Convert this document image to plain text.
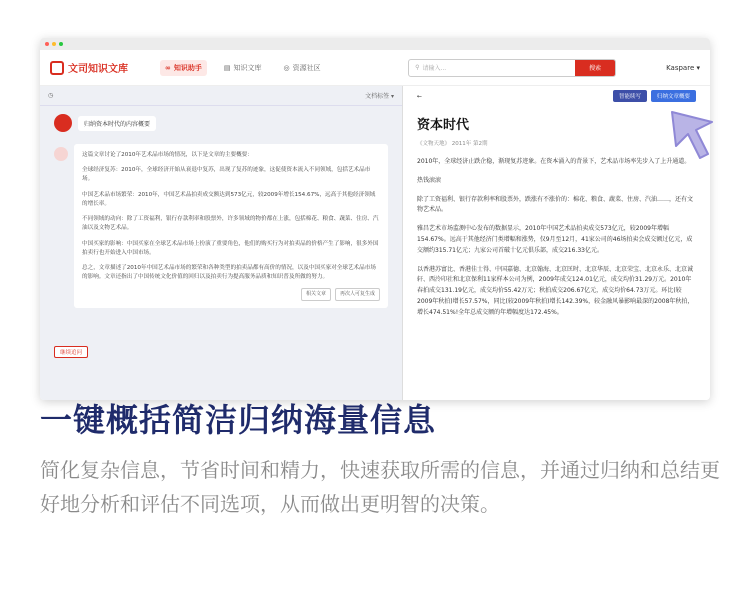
文司知识文库	∞ 知识助手	▤ 知识文库	◎ 资源社区	⚲ 请输入...	搜索	Kaspare ▾
◷	文档标签 ▾
归纳资本时代的内容概要

这篇文章讨论了2010年艺术品市场的情况，以下是文章的主要概要：

全球经济复苏：2010年，全球经济开始从衰退中复苏，出现了复苏的迹象，这促使资本流入不同领域，包括艺术品市场。

中国艺术品市场繁荣：2010年，中国艺术品拍卖成交额达到573亿元，较2009年增长154.67%，远高于其他经济领域的增长率。

不同领域的动向：除了工资福利，银行存款利率和股票外，许多领域的物价都在上涨，包括棉花、粮食、蔬菜、住房、汽油以及文物艺术品。

中国买家的影响：中国买家在全球艺术品市场上扮演了重要角色，他们的购买行为对拍卖品的价格产生了影响，很多外国拍卖行也开始进入中国市场。

总之，文章描述了2010年中国艺术品市场的繁荣和各种类型的拍卖品都有高价的情况，以及中国买家对全球艺术品市场的影响。文章还指出了中国传统文化价值的回归以及拍卖行为提高服务品质和知识普及所做的努力。

相关文章	再次人可复生成
继续追问
←	智能续写	归纳文章概要
资本时代
《文物天地》 2011年 第2期

2010年，全球经济止跌企稳，渐现复苏迹象。在资本涌入的背景下，艺术品市场率先步入了上升通道。

热钱滚滚

除了工资福利、银行存款利率和股票外，跌涨有不涨价的：棉花、粮食、蔬菜、住房、汽油……，还有文物艺术品。

雅昌艺术市场监测中心发布的数据显示，2010年中国艺术品拍卖成交573亿元，较2009年增幅154.67%。远高于其他经济门类增幅和涨势，仅9月至12月，41家公司的46场拍卖会成交额过亿元，成交额约315.71亿元；九家公司首破十亿元俱乐部，成交216.33亿元。

以香港苏富比、香港佳士得、中国嘉德、北京翰海、北京匡时、北京华辰、北京荣宝、北京永乐、北京诚轩、西泠印社和北京保利11家样本公司为例，2009年成交124.01亿元，成交均价31.29万元。2010年春拍成交131.19亿元，成交均价55.42万元；秋拍成交206.67亿元，成交均价64.73万元。环比(较2009年秋拍)增长57.57%，同比(较2009年秋拍)增长142.39%，较金融风暴影响最深的2008年秋拍，增长474.51%!全年总成交额的年增幅度达172.45%。

一键概括简洁归纳海量信息
简化复杂信息，节省时间和精力，快速获取所需的信息，并通过归纳和总结更好地分析和评估不同选项，从而做出更明智的决策。
